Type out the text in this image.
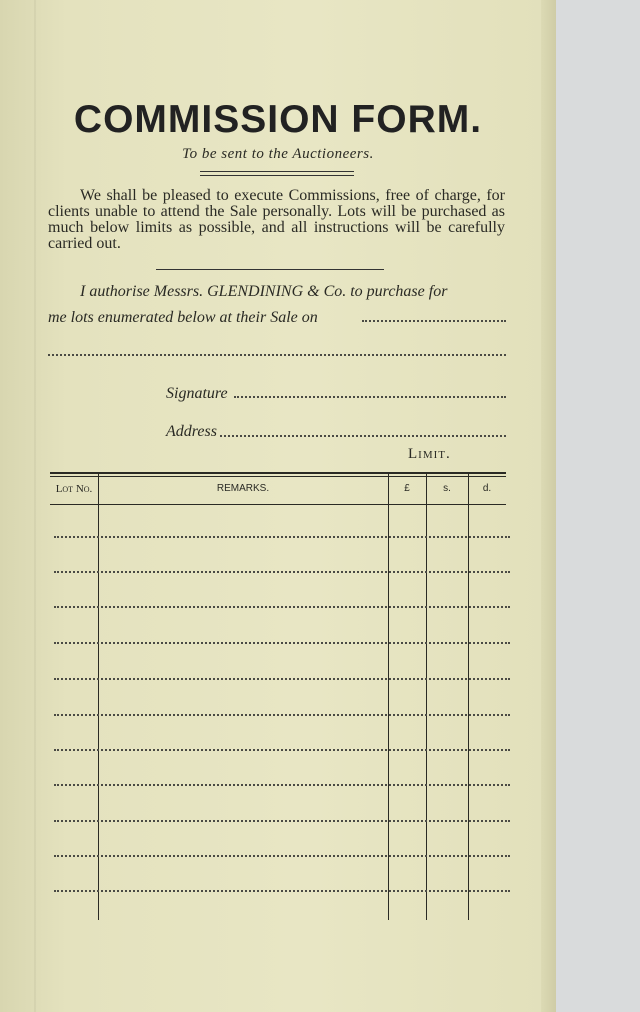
COMMISSION FORM.
To be sent to the Auctioneers.
We shall be pleased to execute Commissions, free of charge, for clients unable to attend the Sale personally. Lots will be purchased as much below limits as possible, and all instructions will be carefully carried out.
I authorise Messrs. GLENDINING & Co. to purchase for
me lots enumerated below at their Sale on
Signature
Address
Limit.
Lot No.	REMARKS.	£	s.	d.
